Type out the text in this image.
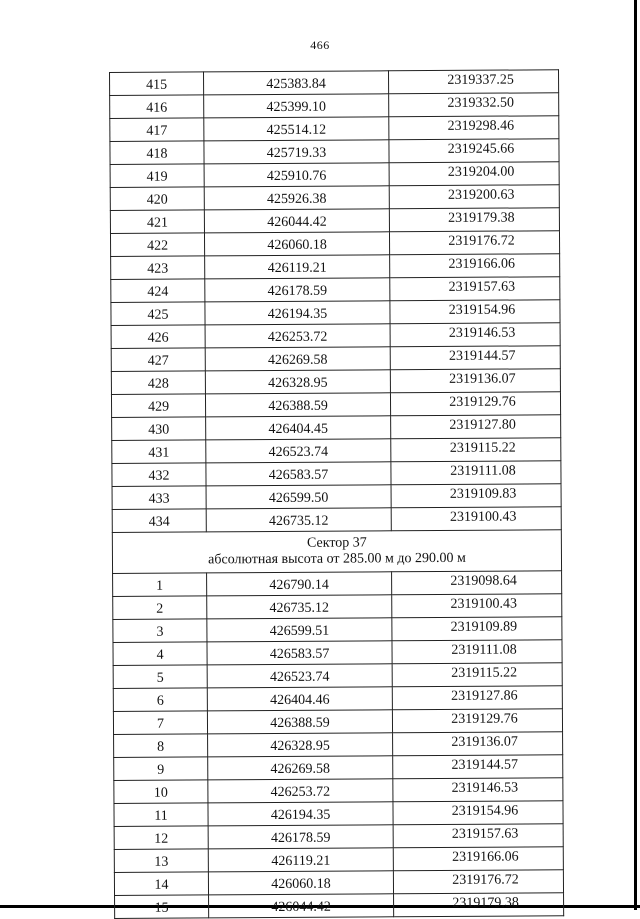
466
415	425383.84	2319337.25
416	425399.10	2319332.50
417	425514.12	2319298.46
418	425719.33	2319245.66
419	425910.76	2319204.00
420	425926.38	2319200.63
421	426044.42	2319179.38
422	426060.18	2319176.72
423	426119.21	2319166.06
424	426178.59	2319157.63
425	426194.35	2319154.96
426	426253.72	2319146.53
427	426269.58	2319144.57
428	426328.95	2319136.07
429	426388.59	2319129.76
430	426404.45	2319127.80
431	426523.74	2319115.22
432	426583.57	2319111.08
433	426599.50	2319109.83
434	426735.12	2319100.43

Сектор 37
абсолютная высота от 285.00 м до 290.00 м		

1	426790.14	2319098.64
2	426735.12	2319100.43
3	426599.51	2319109.89
4	426583.57	2319111.08
5	426523.74	2319115.22
6	426404.46	2319127.86
7	426388.59	2319129.76
8	426328.95	2319136.07
9	426269.58	2319144.57
10	426253.72	2319146.53
11	426194.35	2319154.96
12	426178.59	2319157.63
13	426119.21	2319166.06
14	426060.18	2319176.72
15	426044.42	2319179.38
